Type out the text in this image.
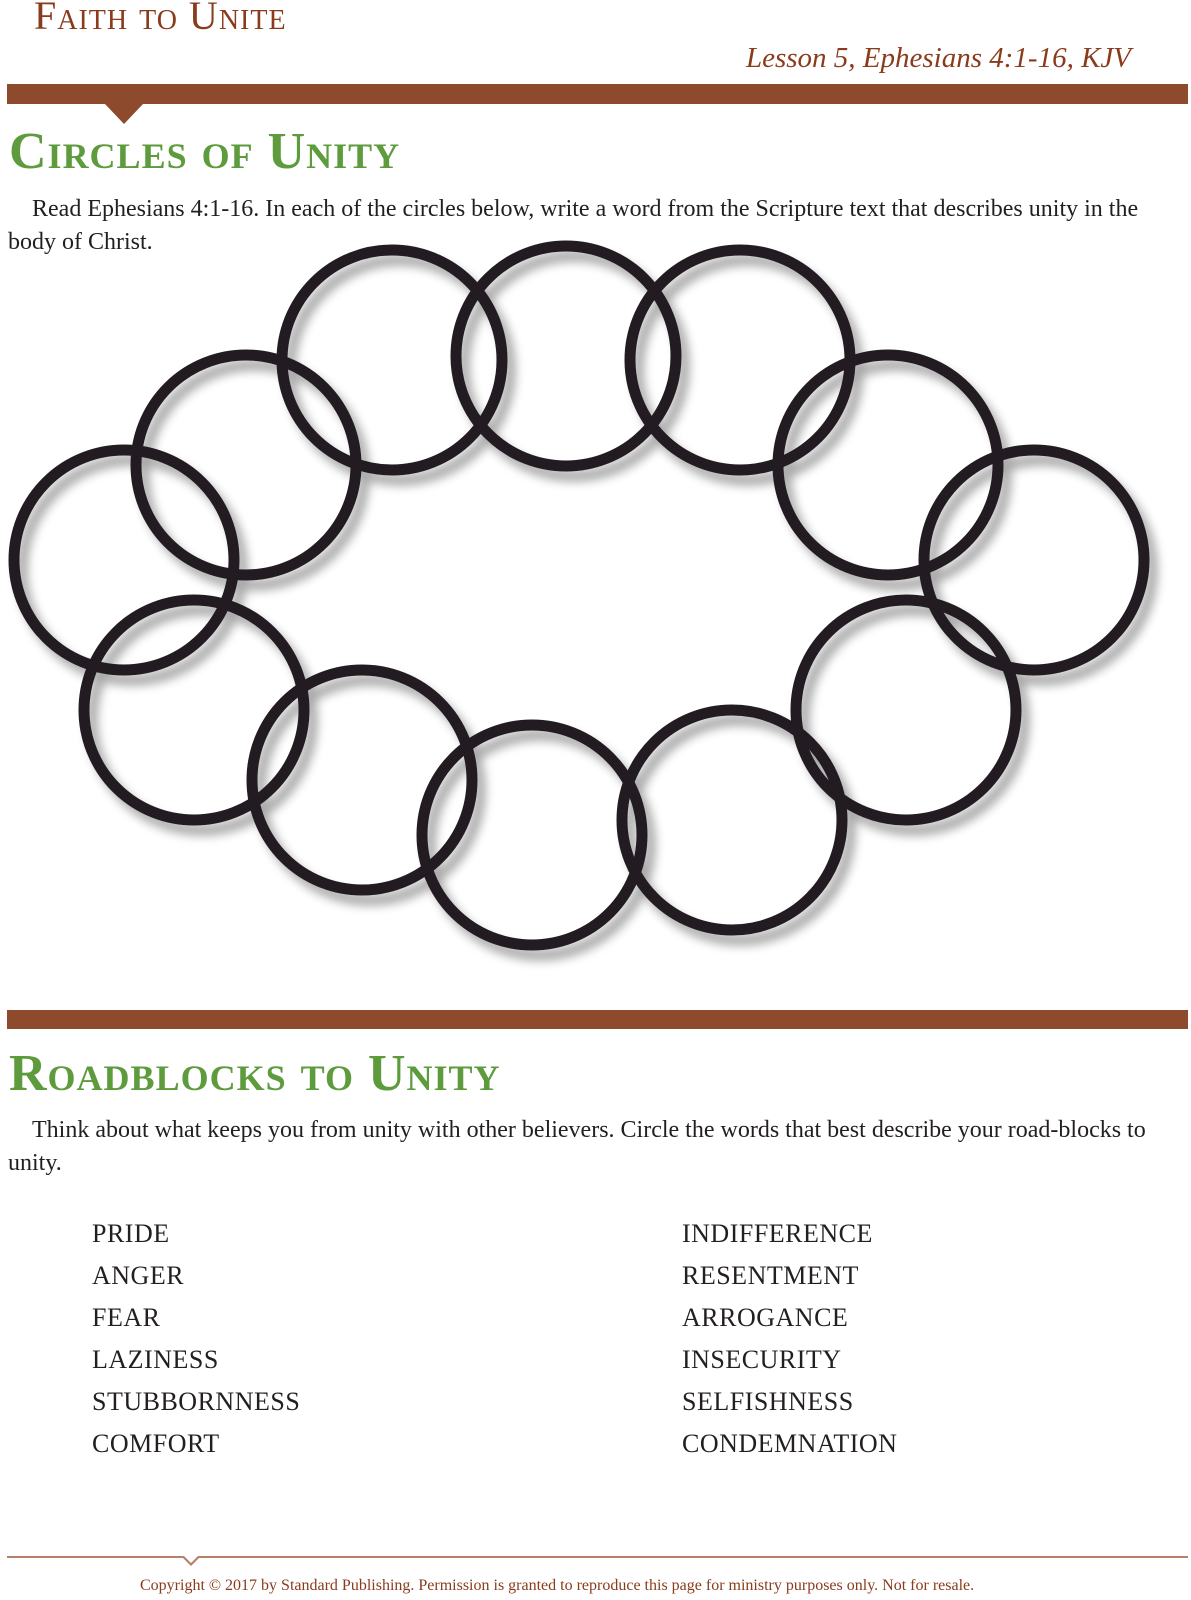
Faith to Unite
Lesson 5, Ephesians 4:1-16, KJV
Circles of Unity
Read Ephesians 4:1-16. In each of the circles below, write a word from the Scripture text that describes unity in the body of Christ.
Roadblocks to Unity
Think about what keeps you from unity with other believers. Circle the words that best describe your road-blocks to unity.
PRIDE
ANGER
FEAR
LAZINESS
STUBBORNNESS
COMFORT
INDIFFERENCE
RESENTMENT
ARROGANCE
INSECURITY
SELFISHNESS
CONDEMNATION
Copyright © 2017 by Standard Publishing. Permission is granted to reproduce this page for ministry purposes only. Not for resale.
